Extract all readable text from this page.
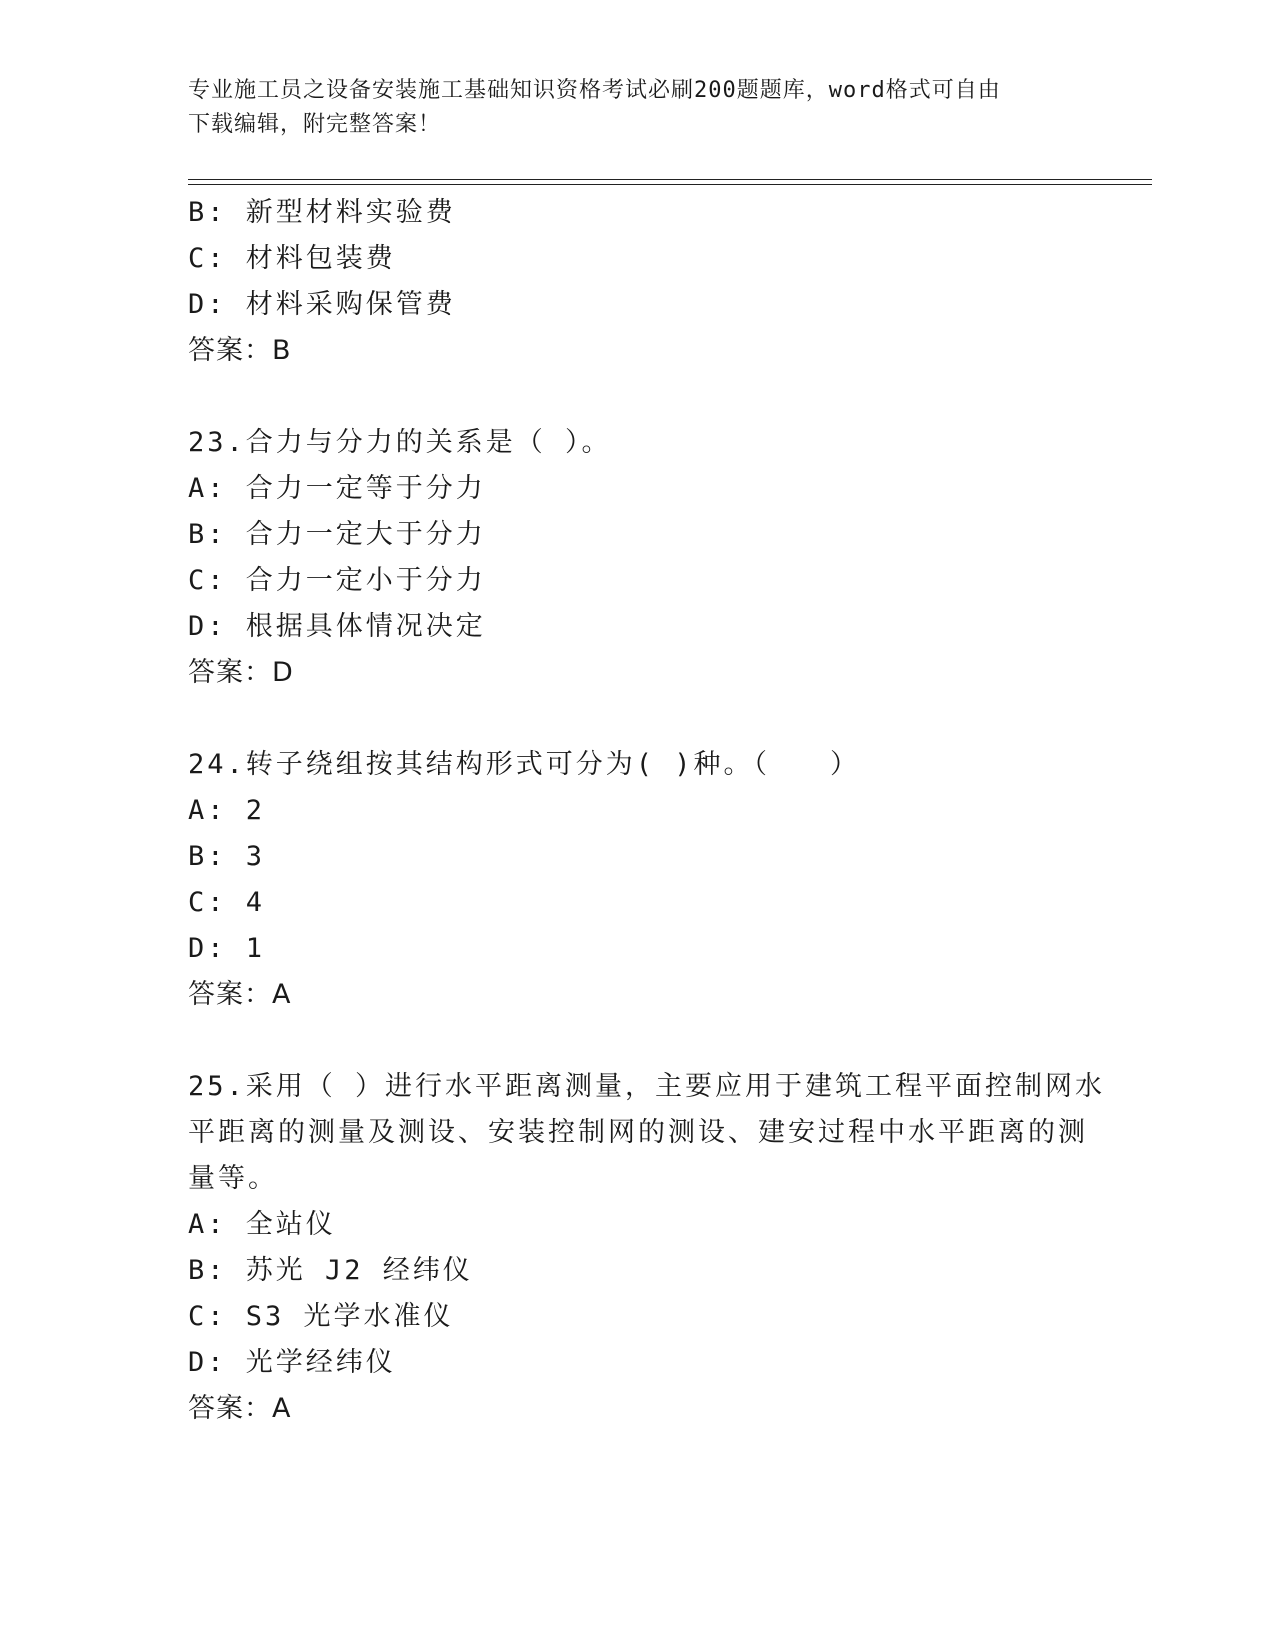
专业施工员之设备安装施工基础知识资格考试必刷200题题库，word格式可自由
下载编辑，附完整答案！
B: 新型材料实验费
C: 材料包装费
D: 材料采购保管费
答案：B
23.合力与分力的关系是（ ）。
A: 合力一定等于分力
B: 合力一定大于分力
C: 合力一定小于分力
D: 根据具体情况决定
答案：D
24.转子绕组按其结构形式可分为( )种。（　　）
A: 2
B: 3
C: 4
D: 1
答案：A
25.采用（ ）进行水平距离测量，主要应用于建筑工程平面控制网水
平距离的测量及测设、安装控制网的测设、建安过程中水平距离的测
量等。
A: 全站仪
B: 苏光 J2 经纬仪
C: S3 光学水准仪
D: 光学经纬仪
答案：A
